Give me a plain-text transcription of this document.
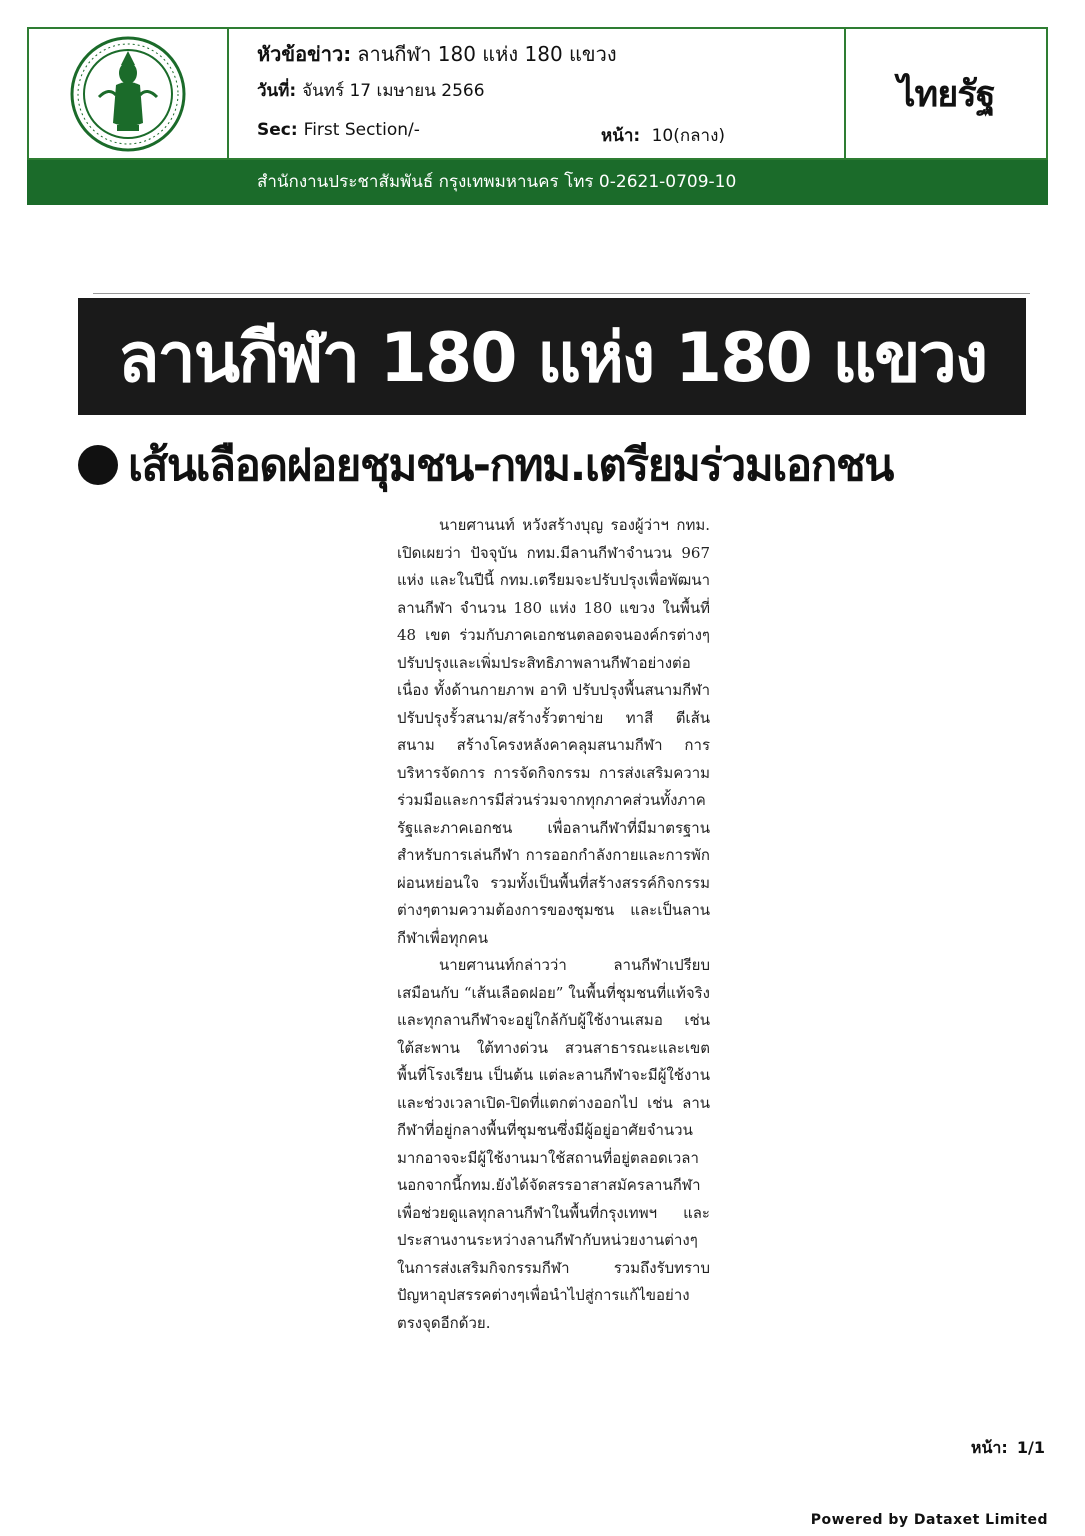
หัวข้อข่าว: ลานกีฬา 180 แห่ง 180 แขวง
วันที่: จันทร์ 17 เมษายน 2566
Sec: First Section/-	หน้า: 10(กลาง)
ไทยรัฐ
สำนักงานประชาสัมพันธ์ กรุงเทพมหานคร โทร 0-2621-0709-10
ลานกีฬา 180 แห่ง 180 แขวง
เส้นเลือดฝอยชุมชน-กทม.เตรียมร่วมเอกชน

นายศานนท์ หวังสร้างบุญ รองผู้ว่าฯ กทม. เปิดเผยว่า ปัจจุบัน กทม.มีลานกีฬาจำนวน 967 แห่ง และในปีนี้ กทม.เตรียมจะปรับปรุงเพื่อพัฒนาลานกีฬา จำนวน 180 แห่ง 180 แขวง ในพื้นที่ 48 เขต ร่วมกับภาคเอกชนตลอดจนองค์กรต่างๆ ปรับปรุงและเพิ่มประสิทธิภาพลานกีฬาอย่างต่อเนื่อง ทั้งด้านกายภาพ อาทิ ปรับปรุงพื้นสนามกีฬา ปรับปรุงรั้วสนาม/สร้างรั้วตาข่าย ทาสี ตีเส้นสนาม สร้างโครงหลังคาคลุมสนามกีฬา การบริหารจัดการ การจัดกิจกรรม การส่งเสริมความร่วมมือและการมีส่วนร่วมจากทุกภาคส่วนทั้งภาครัฐและภาคเอกชน เพื่อลานกีฬาที่มีมาตรฐานสำหรับการเล่นกีฬา การออกกำลังกายและการพักผ่อนหย่อนใจ รวมทั้งเป็นพื้นที่สร้างสรรค์กิจกรรมต่างๆตามความต้องการของชุมชน และเป็นลานกีฬาเพื่อทุกคน

นายศานนท์กล่าวว่า ลานกีฬาเปรียบเสมือนกับ “เส้นเลือดฝอย” ในพื้นที่ชุมชนที่แท้จริง และทุกลานกีฬาจะอยู่ใกล้กับผู้ใช้งานเสมอ เช่น ใต้สะพาน ใต้ทางด่วน สวนสาธารณะและเขตพื้นที่โรงเรียน เป็นต้น แต่ละลานกีฬาจะมีผู้ใช้งานและช่วงเวลาเปิด-ปิดที่แตกต่างออกไป เช่น ลานกีฬาที่อยู่กลางพื้นที่ชุมชนซึ่งมีผู้อยู่อาศัยจำนวนมากอาจจะมีผู้ใช้งานมาใช้สถานที่อยู่ตลอดเวลา นอกจากนี้กทม.ยังได้จัดสรรอาสาสมัครลานกีฬา เพื่อช่วยดูแลทุกลานกีฬาในพื้นที่กรุงเทพฯ และประสานงานระหว่างลานกีฬากับหน่วยงานต่างๆในการส่งเสริมกิจกรรมกีฬา รวมถึงรับทราบปัญหาอุปสรรคต่างๆเพื่อนำไปสู่การแก้ไขอย่างตรงจุดอีกด้วย.

หน้า: 1/1
Powered by Dataxet Limited
